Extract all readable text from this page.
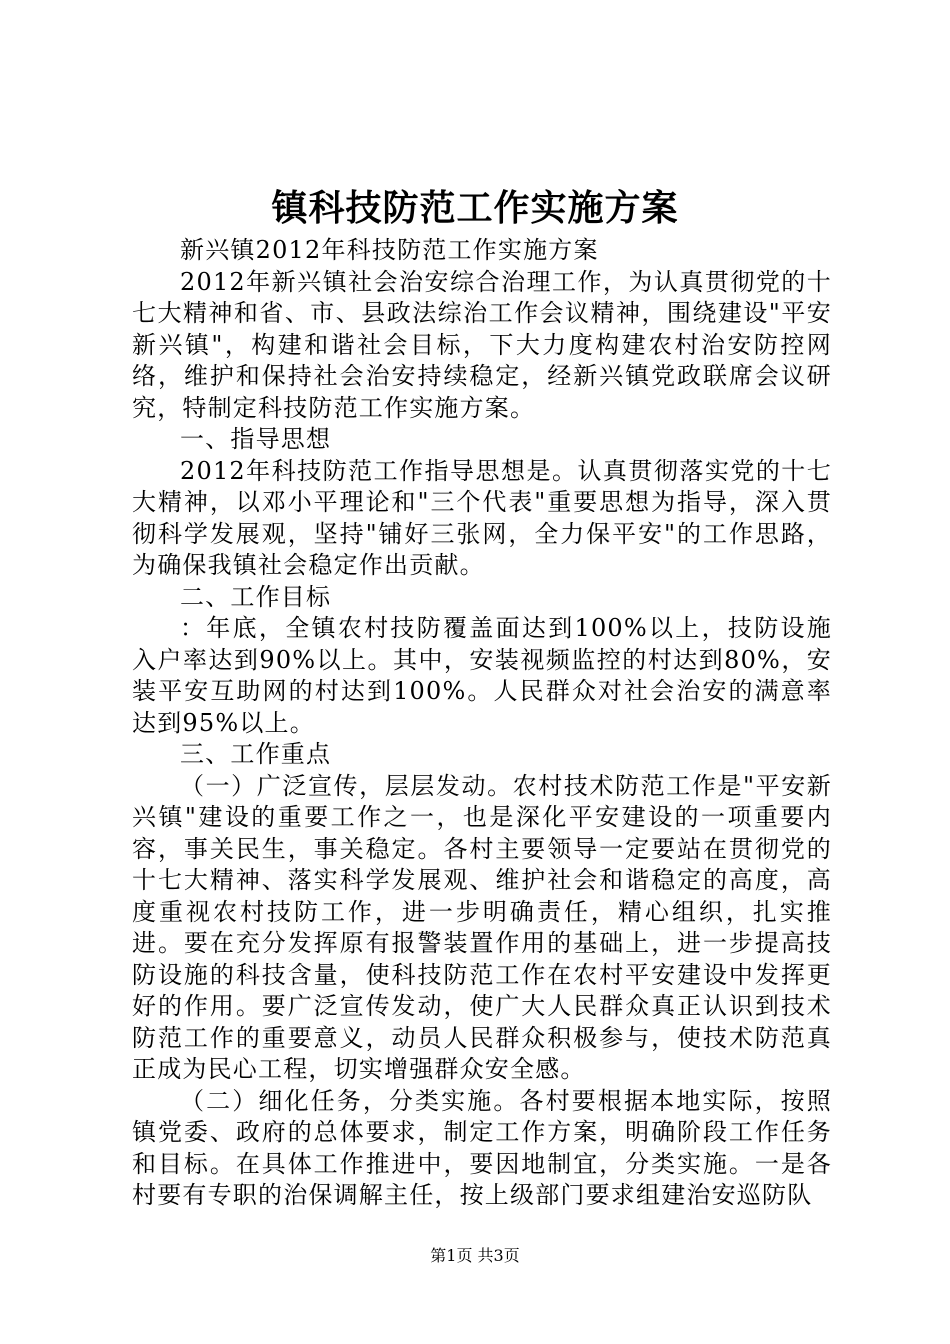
镇科技防范工作实施方案

新兴镇2012年科技防范工作实施方案

2012年新兴镇社会治安综合治理工作，为认真贯彻党的十七大精神和省、市、县政法综治工作会议精神，围绕建设"平安新兴镇"，构建和谐社会目标，下大力度构建农村治安防控网络，维护和保持社会治安持续稳定，经新兴镇党政联席会议研究，特制定科技防范工作实施方案。

一、指导思想

2012年科技防范工作指导思想是。认真贯彻落实党的十七大精神，以邓小平理论和"三个代表"重要思想为指导，深入贯彻科学发展观，坚持"铺好三张网，全力保平安"的工作思路，为确保我镇社会稳定作出贡献。

二、工作目标

：年底，全镇农村技防覆盖面达到100%以上，技防设施入户率达到90%以上。其中，安装视频监控的村达到80%，安装平安互助网的村达到100%。人民群众对社会治安的满意率达到95%以上。

三、工作重点

（一）广泛宣传，层层发动。农村技术防范工作是"平安新兴镇"建设的重要工作之一，也是深化平安建设的一项重要内容，事关民生，事关稳定。各村主要领导一定要站在贯彻党的十七大精神、落实科学发展观、维护社会和谐稳定的高度，高度重视农村技防工作，进一步明确责任，精心组织，扎实推进。要在充分发挥原有报警装置作用的基础上，进一步提高技防设施的科技含量，使科技防范工作在农村平安建设中发挥更好的作用。要广泛宣传发动，使广大人民群众真正认识到技术防范工作的重要意义，动员人民群众积极参与，使技术防范真正成为民心工程，切实增强群众安全感。

（二）细化任务，分类实施。各村要根据本地实际，按照镇党委、政府的总体要求，制定工作方案，明确阶段工作任务和目标。在具体工作推进中，要因地制宜，分类实施。一是各村要有专职的治保调解主任，按上级部门要求组建治安巡防队

第1页 共3页
